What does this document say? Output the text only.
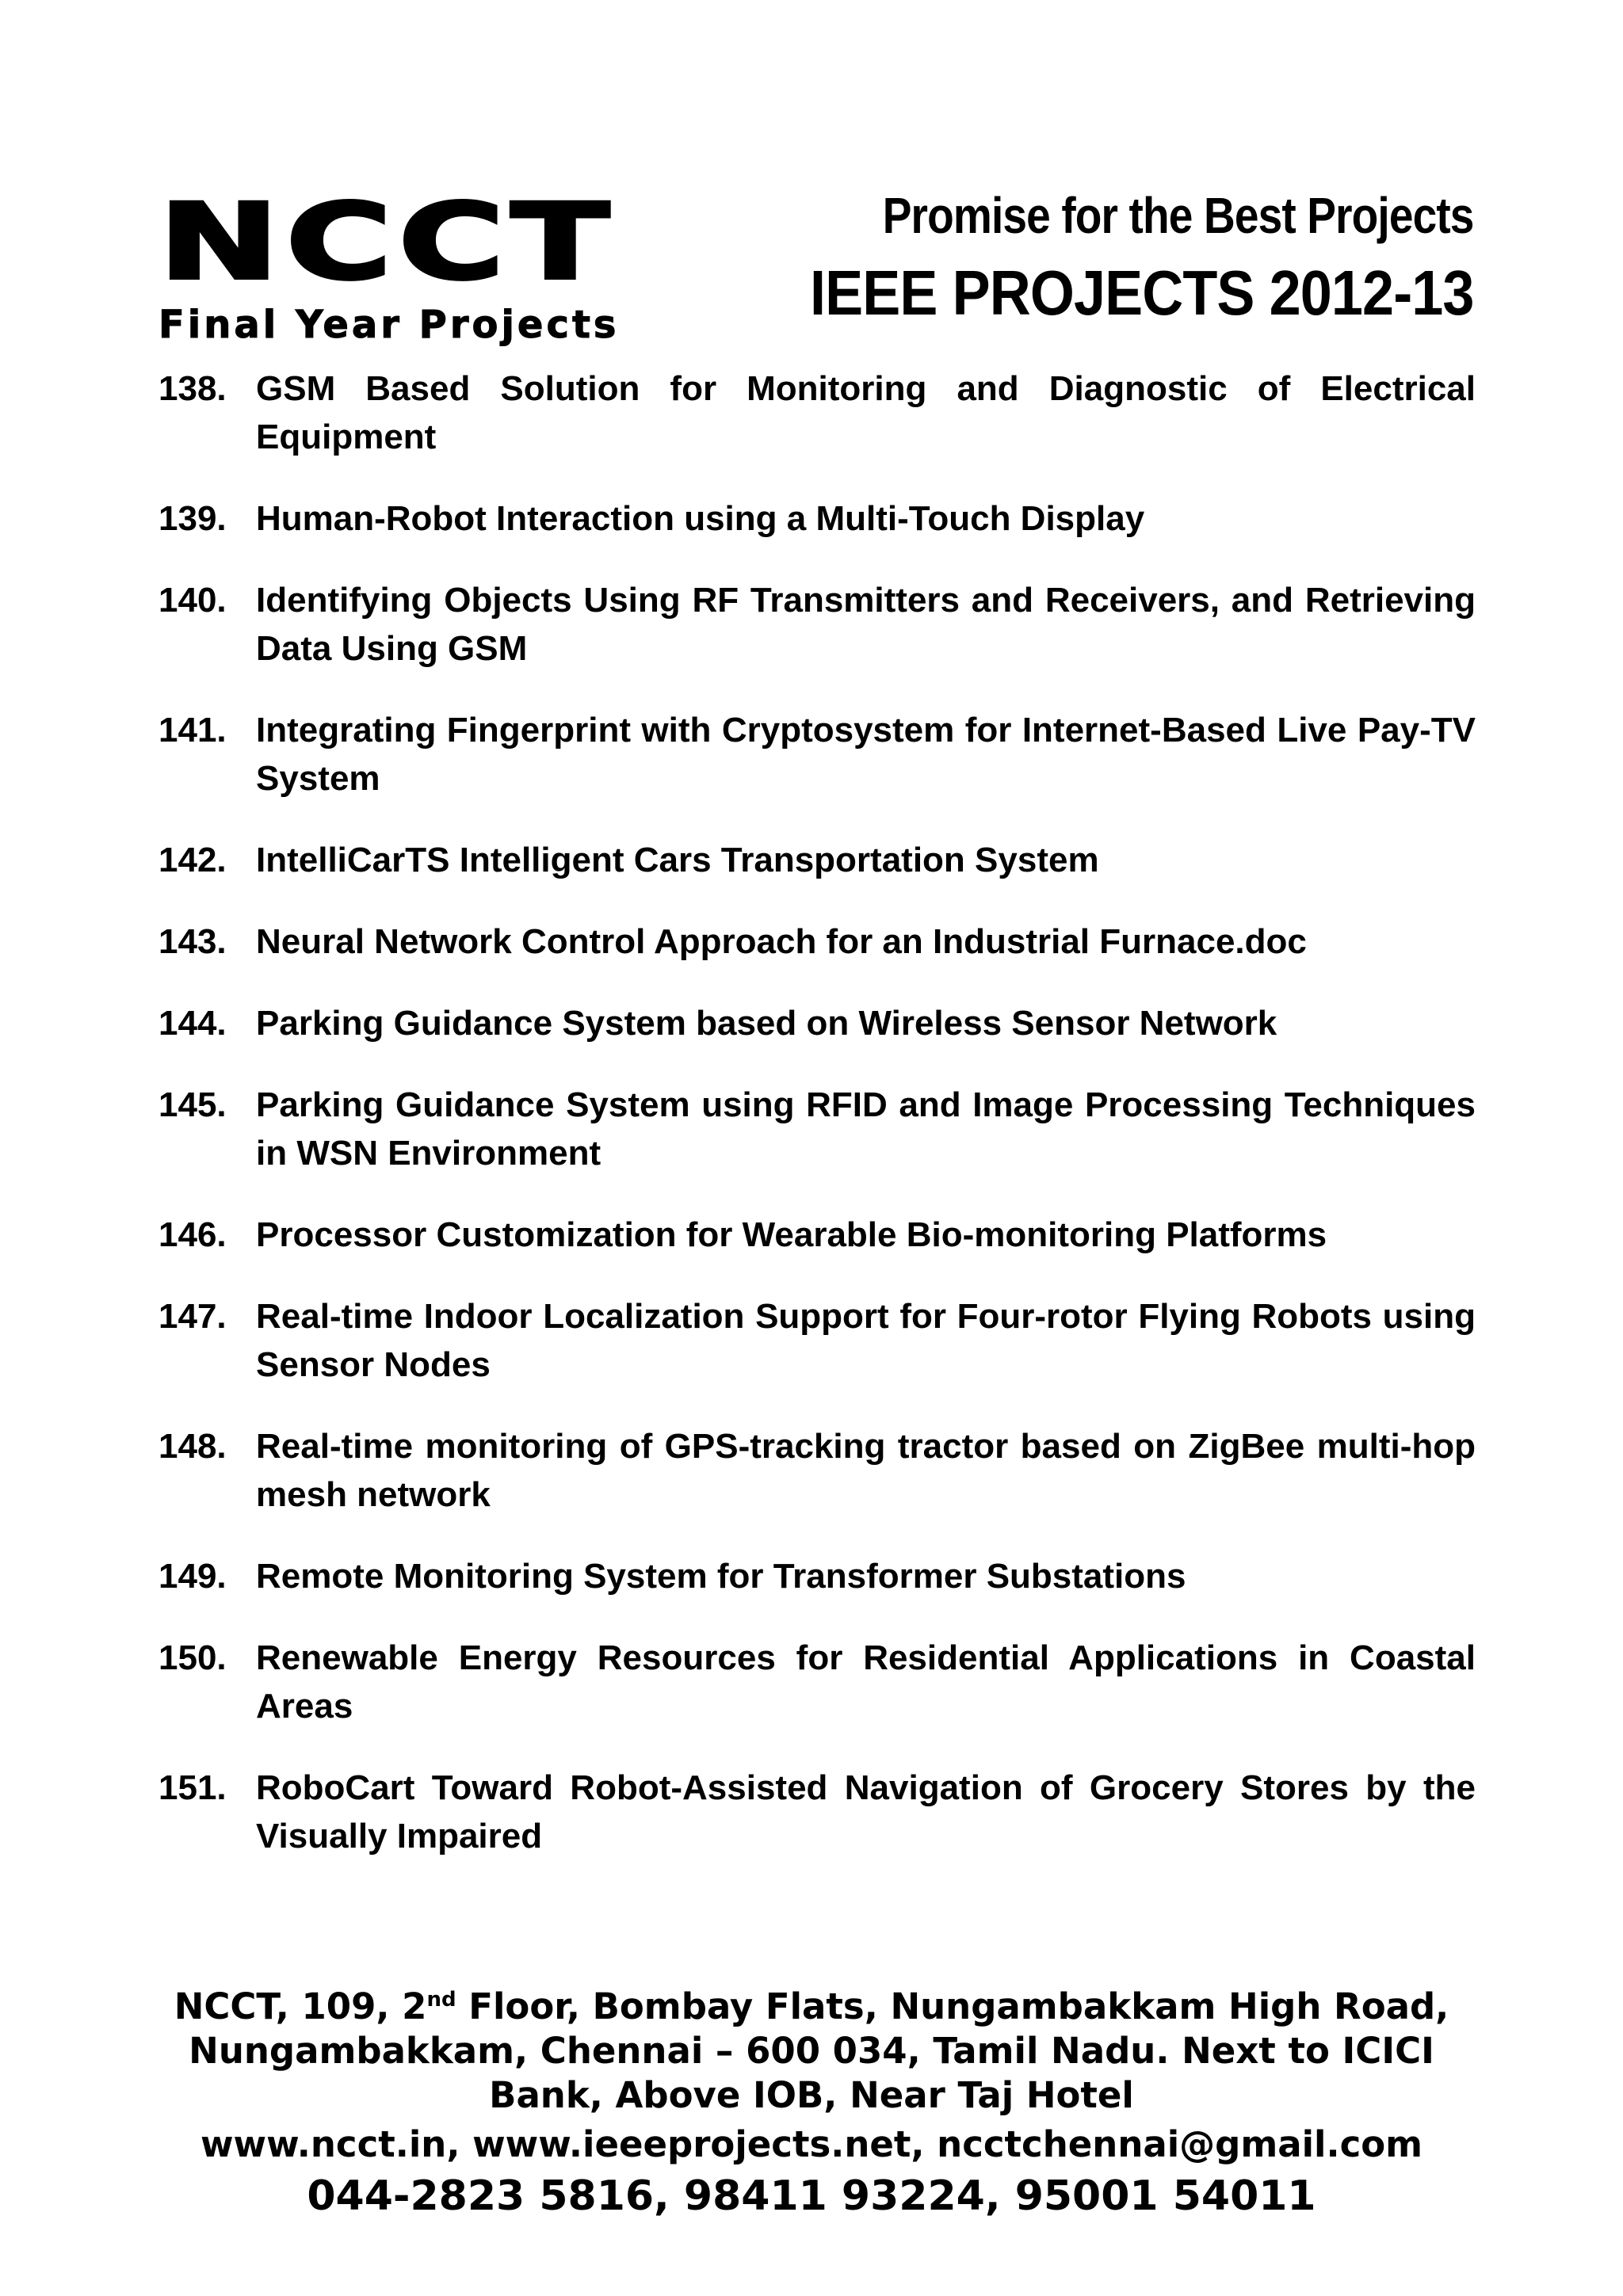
NCCT
Final Year Projects
Promise for the Best Projects
IEEE PROJECTS 2012-13
138. GSM Based Solution for Monitoring and Diagnostic of Electrical Equipment
139. Human-Robot Interaction using a Multi-Touch Display
140. Identifying Objects Using RF Transmitters and Receivers, and Retrieving Data Using GSM
141. Integrating Fingerprint with Cryptosystem for Internet-Based Live Pay-TV System
142. IntelliCarTS Intelligent Cars Transportation System
143. Neural Network Control Approach for an Industrial Furnace.doc
144. Parking Guidance System based on Wireless Sensor Network
145. Parking Guidance System using RFID and Image Processing Techniques in WSN Environment
146. Processor Customization for Wearable Bio-monitoring Platforms
147. Real-time Indoor Localization Support for Four-rotor Flying Robots using Sensor Nodes
148. Real-time monitoring of GPS-tracking tractor based on ZigBee multi-hop mesh network
149. Remote Monitoring System for Transformer Substations
150. Renewable Energy Resources for Residential Applications in Coastal Areas
151. RoboCart Toward Robot-Assisted Navigation of Grocery Stores by the Visually Impaired
NCCT, 109, 2nd Floor, Bombay Flats, Nungambakkam High Road, Nungambakkam, Chennai – 600 034, Tamil Nadu. Next to ICICI Bank, Above IOB, Near Taj Hotel
www.ncct.in, www.ieeeprojects.net, ncctchennai@gmail.com
044-2823 5816, 98411 93224, 95001 54011
